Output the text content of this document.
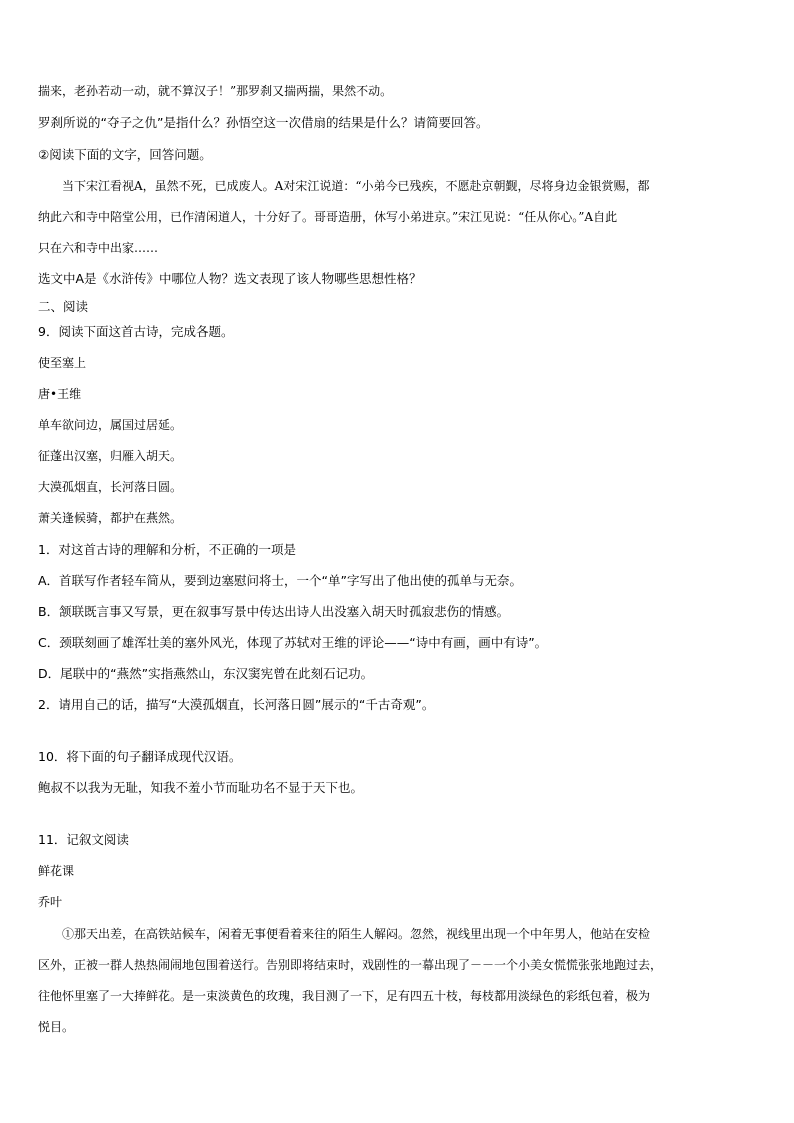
揣来，老孙若动一动，就不算汉子！”那罗刹又揣两揣，果然不动。

罗刹所说的“夺子之仇”是指什么？孙悟空这一次借扇的结果是什么？请简要回答。

②阅读下面的文字，回答问题。

当下宋江看视A，虽然不死，已成废人。A对宋江说道：“小弟今已残疾，不愿赴京朝觐，尽将身边金银赏赐，都

纳此六和寺中陪堂公用，已作清闲道人，十分好了。哥哥造册，休写小弟进京。”宋江见说：“任从你心。”A自此

只在六和寺中出家……

选文中A是《水浒传》中哪位人物？选文表现了该人物哪些思想性格？

二、阅读

9．阅读下面这首古诗，完成各题。

使至塞上

唐•王维

单车欲问边，属国过居延。

征蓬出汉塞，归雁入胡天。

大漠孤烟直，长河落日圆。

萧关逢候骑，都护在燕然。

1．对这首古诗的理解和分析，不正确的一项是

A．首联写作者轻车简从，要到边塞慰问将士，一个“单”字写出了他出使的孤单与无奈。

B．颔联既言事又写景，更在叙事写景中传达出诗人出没塞入胡天时孤寂悲伤的情感。

C．颈联刻画了雄浑壮美的塞外风光，体现了苏轼对王维的评论——“诗中有画，画中有诗”。

D．尾联中的“燕然”实指燕然山，东汉窦宪曾在此刻石记功。

2．请用自己的话，描写“大漠孤烟直，长河落日圆”展示的“千古奇观”。

10．将下面的句子翻译成现代汉语。

鲍叔不以我为无耻，知我不羞小节而耻功名不显于天下也。

11．记叙文阅读

鲜花课

乔叶

①那天出差，在高铁站候车，闲着无事便看着来往的陌生人解闷。忽然，视线里出现一个中年男人，他站在安检

区外，正被一群人热热闹闹地包围着送行。告别即将结束时，戏剧性的一幕出现了－－一个小美女慌慌张张地跑过去，

往他怀里塞了一大捧鲜花。是一束淡黄色的玫瑰，我目测了一下，足有四五十枝，每枝都用淡绿色的彩纸包着，极为

悦目。
